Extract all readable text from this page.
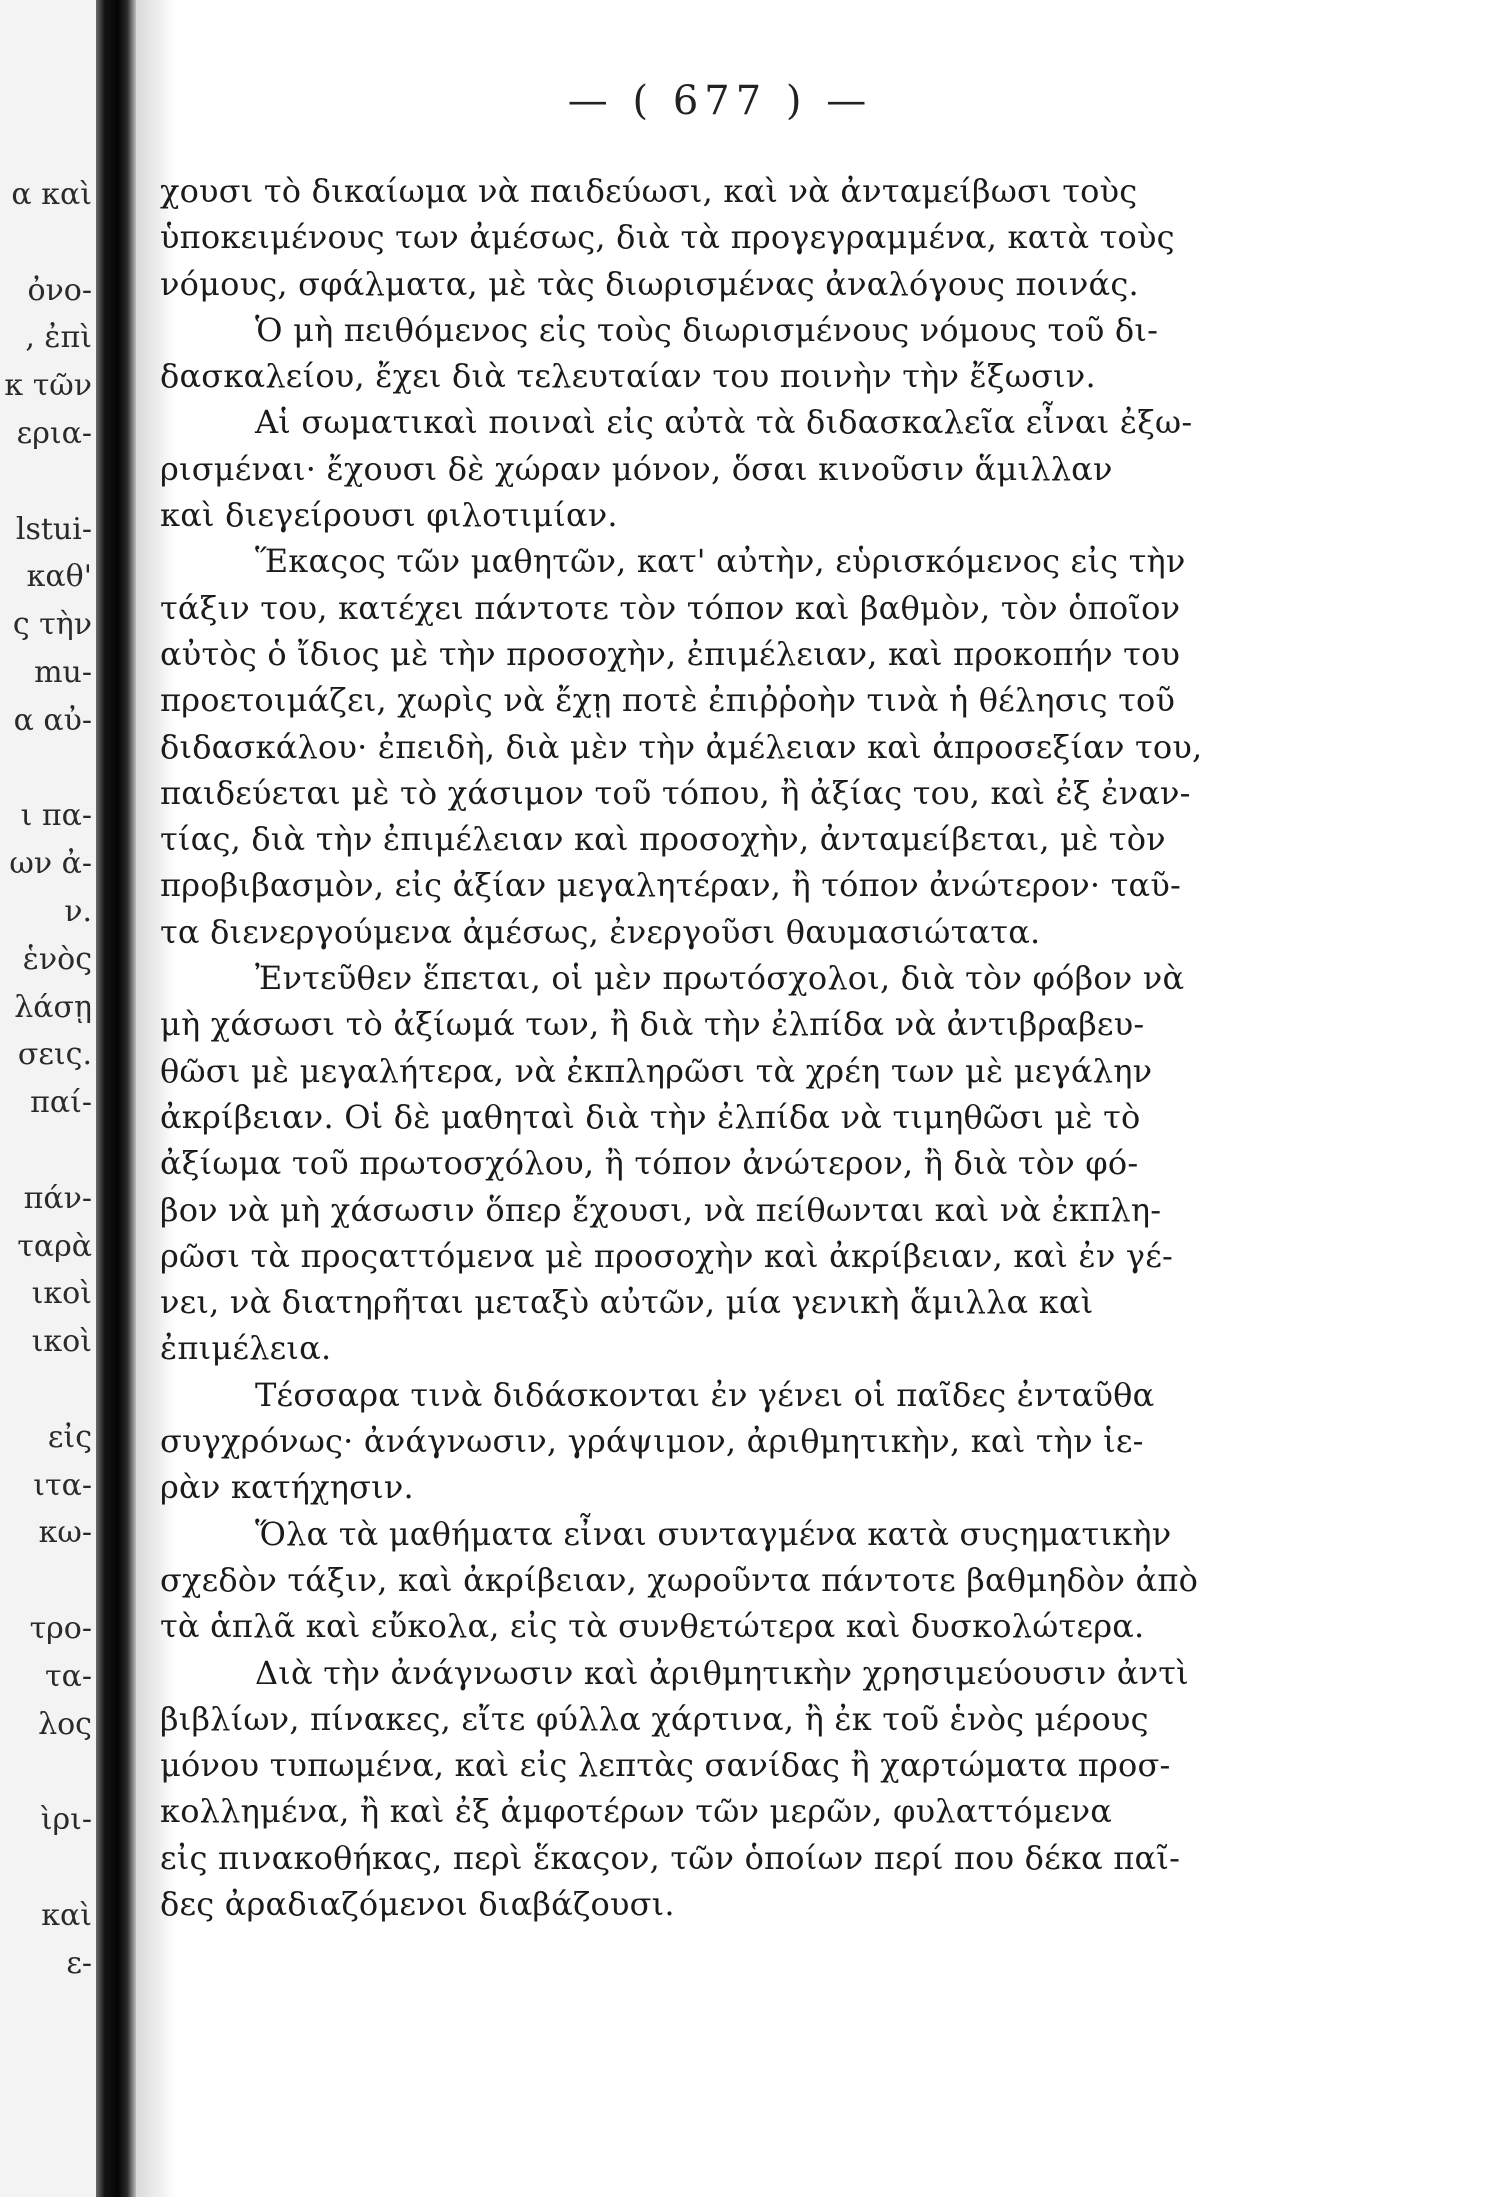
α καὶ
ὀνο-
, ἐπὶ
κ τῶν
ερια-
lstui-
καθ'
ς τὴν
mu-
α αὐ-
ι πα-
ων ἀ-
ν.
ἑνὸς
λάσῃ
σεις.
παί-
πάν-
ταρὰ
ικοὶ
ικοὶ
εἰς
ιτα-
κω-
τρο-
τα-
λος
ὶρι-
καὶ
ε-
— ( 677 ) —
χουσι τὸ δικαίωμα νὰ παιδεύωσι, καὶ νὰ ἀνταμείβωσι τοὺς
ὑποκειμένους των ἀμέσως, διὰ τὰ προγεγραμμένα, κατὰ τοὺς
νόμους, σφάλματα, μὲ τὰς διωρισμένας ἀναλόγους ποινάς.
Ὁ μὴ πειθόμενος εἰς τοὺς διωρισμένους νόμους τοῦ δι-
δασκαλείου, ἔχει διὰ τελευταίαν του ποινὴν τὴν ἔξωσιν.
Αἱ σωματικαὶ ποιναὶ εἰς αὐτὰ τὰ διδασκαλεῖα εἶναι ἐξω-
ρισμέναι· ἔχουσι δὲ χώραν μόνον, ὅσαι κινοῦσιν ἅμιλλαν
καὶ διεγείρουσι φιλοτιμίαν.
Ἕκαςος τῶν μαθητῶν, κατ' αὐτὴν, εὑρισκόμενος εἰς τὴν
τάξιν του, κατέχει πάντοτε τὸν τόπον καὶ βαθμὸν, τὸν ὁποῖον
αὐτὸς ὁ ἴδιος μὲ τὴν προσοχὴν, ἐπιμέλειαν, καὶ προκοπήν του
προετοιμάζει, χωρὶς νὰ ἔχῃ ποτὲ ἐπιῤῥοὴν τινὰ ἡ θέλησις τοῦ
διδασκάλου· ἐπειδὴ, διὰ μὲν τὴν ἀμέλειαν καὶ ἀπροσεξίαν του,
παιδεύεται μὲ τὸ χάσιμον τοῦ τόπου, ἢ ἀξίας του, καὶ ἐξ ἐναν-
τίας, διὰ τὴν ἐπιμέλειαν καὶ προσοχὴν, ἀνταμείβεται, μὲ τὸν
προβιβασμὸν, εἰς ἀξίαν μεγαλητέραν, ἢ τόπον ἀνώτερον· ταῦ-
τα διενεργούμενα ἀμέσως, ἐνεργοῦσι θαυμασιώτατα.
Ἐντεῦθεν ἕπεται, οἱ μὲν πρωτόσχολοι, διὰ τὸν φόβον νὰ
μὴ χάσωσι τὸ ἀξίωμά των, ἢ διὰ τὴν ἐλπίδα νὰ ἀντιβραβευ-
θῶσι μὲ μεγαλήτερα, νὰ ἐκπληρῶσι τὰ χρέη των μὲ μεγάλην
ἀκρίβειαν. Οἱ δὲ μαθηταὶ διὰ τὴν ἐλπίδα νὰ τιμηθῶσι μὲ τὸ
ἀξίωμα τοῦ πρωτοσχόλου, ἢ τόπον ἀνώτερον, ἢ διὰ τὸν φό-
βον νὰ μὴ χάσωσιν ὅπερ ἔχουσι, νὰ πείθωνται καὶ νὰ ἐκπλη-
ρῶσι τὰ προςαττόμενα μὲ προσοχὴν καὶ ἀκρίβειαν, καὶ ἐν γέ-
νει, νὰ διατηρῆται μεταξὺ αὐτῶν, μία γενικὴ ἅμιλλα καὶ
ἐπιμέλεια.
Τέσσαρα τινὰ διδάσκονται ἐν γένει οἱ παῖδες ἐνταῦθα
συγχρόνως· ἀνάγνωσιν, γράψιμον, ἀριθμητικὴν, καὶ τὴν ἱε-
ρὰν κατήχησιν.
Ὅλα τὰ μαθήματα εἶναι συνταγμένα κατὰ συςηματικὴν
σχεδὸν τάξιν, καὶ ἀκρίβειαν, χωροῦντα πάντοτε βαθμηδὸν ἀπὸ
τὰ ἁπλᾶ καὶ εὔκολα, εἰς τὰ συνθετώτερα καὶ δυσκολώτερα.
Διὰ τὴν ἀνάγνωσιν καὶ ἀριθμητικὴν χρησιμεύουσιν ἀντὶ
βιβλίων, πίνακες, εἴτε φύλλα χάρτινα, ἢ ἐκ τοῦ ἑνὸς μέρους
μόνου τυπωμένα, καὶ εἰς λεπτὰς σανίδας ἢ χαρτώματα προσ-
κολλημένα, ἢ καὶ ἐξ ἀμφοτέρων τῶν μερῶν, φυλαττόμενα
εἰς πινακοθήκας, περὶ ἕκαςον, τῶν ὁποίων περί που δέκα παῖ-
δες ἀραδιαζόμενοι διαβάζουσι.
